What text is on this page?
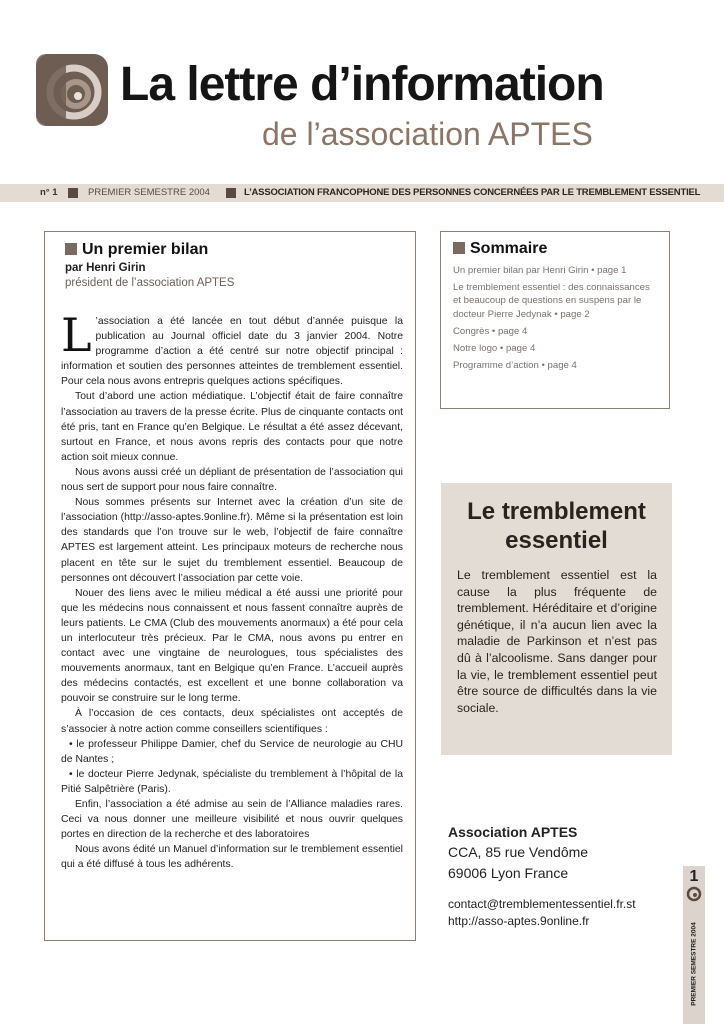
La lettre d’information
de l’association APTES
n° 1	PREMIER SEMESTRE 2004	L’ASSOCIATION FRANCOPHONE DES PERSONNES CONCERNÉES PAR LE TREMBLEMENT ESSENTIEL
Un premier bilan
par Henri Girin
président de l’association APTES

L ’association a été lancée en tout début d’année puisque la publication au Journal officiel date du 3 janvier 2004. Notre programme d’action a été centré sur notre objectif principal : information et soutien des personnes atteintes de tremblement essentiel. Pour cela nous avons entrepris quelques actions spécifiques.

Tout d’abord une action médiatique. L’objectif était de faire connaître l’association au travers de la presse écrite. Plus de cinquante contacts ont été pris, tant en France qu’en Belgique. Le résultat a été assez décevant, surtout en France, et nous avons repris des contacts pour que notre action soit mieux connue.

Nous avons aussi créé un dépliant de présentation de l’association qui nous sert de support pour nous faire connaître.

Nous sommes présents sur Internet avec la création d’un site de l’association (http://asso-aptes.9online.fr). Même si la présentation est loin des standards que l’on trouve sur le web, l’objectif de faire connaître APTES est largement atteint. Les principaux moteurs de recherche nous placent en tête sur le sujet du tremblement essentiel. Beaucoup de personnes ont découvert l’association par cette voie.

Nouer des liens avec le milieu médical a été aussi une priorité pour que les médecins nous connaissent et nous fassent connaître auprès de leurs patients. Le CMA (Club des mouvements anormaux) a été pour cela un interlocuteur très précieux. Par le CMA, nous avons pu entrer en contact avec une vingtaine de neurologues, tous spécialistes des mouvements anormaux, tant en Belgique qu’en France. L’accueil auprès des médecins contactés, est excellent et une bonne collaboration va pouvoir se construire sur le long terme.

À l’occasion de ces contacts, deux spécialistes ont acceptés de s’associer à notre action comme conseillers scientifiques :

• le professeur Philippe Damier, chef du Service de neurologie au CHU de Nantes ;

• le docteur Pierre Jedynak, spécialiste du tremblement à l’hôpital de la Pitié Salpêtrière (Paris).

Enfin, l’association a été admise au sein de l’Alliance maladies rares. Ceci va nous donner une meilleure visibilité et nous ouvrir quelques portes en direction de la recherche et des laboratoires

Nous avons édité un Manuel d’information sur le tremblement essentiel qui a été diffusé à tous les adhérents.

Sommaire
Un premier bilan par Henri Girin • page 1
Le tremblement essentiel : des connaissances et beaucoup de questions en suspens par le docteur Pierre Jedynak • page 2
Congrès • page 4
Notre logo • page 4
Programme d’action • page 4
Le tremblement essentiel
Le tremblement essentiel est la cause la plus fréquente de tremblement. Héréditaire et d’origine génétique, il n’a aucun lien avec la maladie de Parkinson et n’est pas dû à l’alcoolisme. Sans danger pour la vie, le tremblement essentiel peut être source de difficultés dans la vie sociale.
Association APTES
CCA, 85 rue Vendôme
69006 Lyon France
contact@tremblementessentiel.fr.st
http://asso-aptes.9online.fr
1
PREMIER SEMESTRE 2004
